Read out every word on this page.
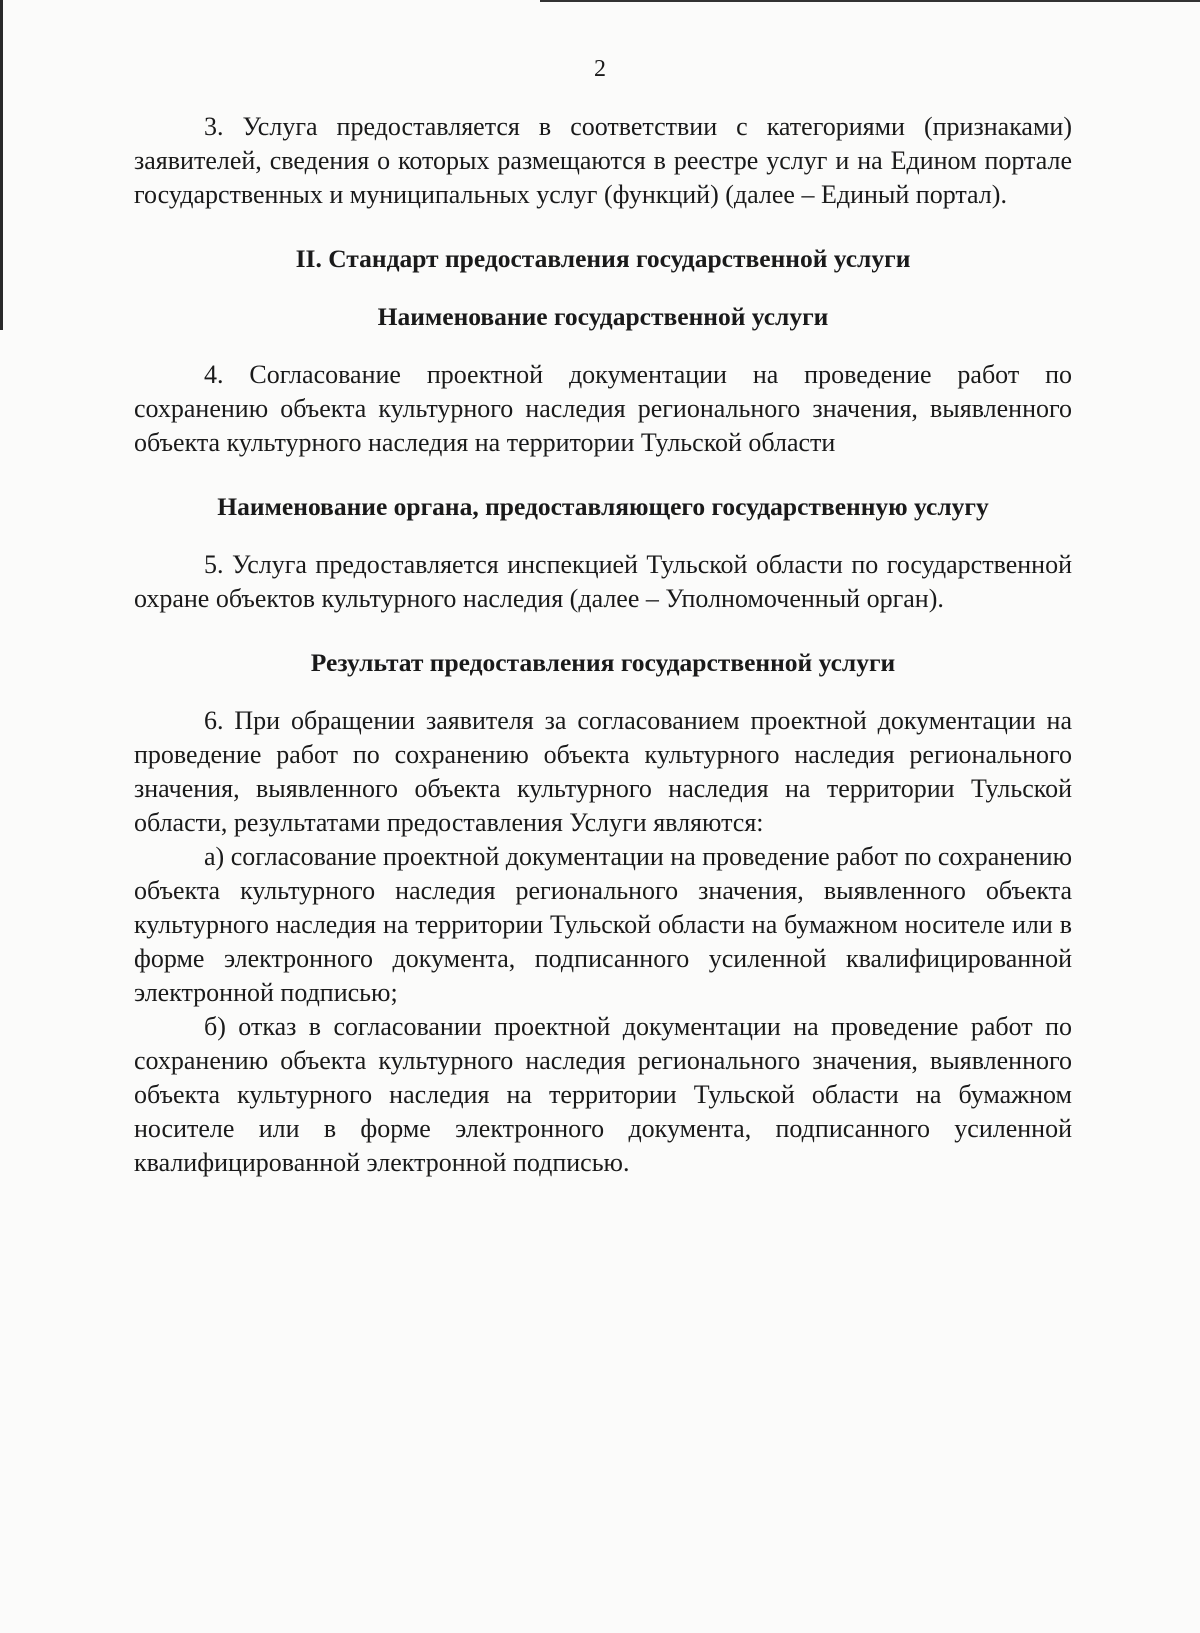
2

3. Услуга предоставляется в соответствии с категориями (признаками) заявителей, сведения о которых размещаются в реестре услуг и на Едином портале государственных и муниципальных услуг (функций) (далее – Единый портал).

II. Стандарт предоставления государственной услуги

Наименование государственной услуги

4. Согласование проектной документации на проведение работ по сохранению объекта культурного наследия регионального значения, выявленного объекта культурного наследия на территории Тульской области

Наименование органа, предоставляющего государственную услугу

5. Услуга предоставляется инспекцией Тульской области по государственной охране объектов культурного наследия (далее – Уполномоченный орган).

Результат предоставления государственной услуги

6. При обращении заявителя за согласованием проектной документации на проведение работ по сохранению объекта культурного наследия регионального значения, выявленного объекта культурного наследия на территории Тульской области, результатами предоставления Услуги являются:

а) согласование проектной документации на проведение работ по сохранению объекта культурного наследия регионального значения, выявленного объекта культурного наследия на территории Тульской области на бумажном носителе или в форме электронного документа, подписанного усиленной квалифицированной электронной подписью;

б) отказ в согласовании проектной документации на проведение работ по сохранению объекта культурного наследия регионального значения, выявленного объекта культурного наследия на территории Тульской области на бумажном носителе или в форме электронного документа, подписанного усиленной квалифицированной электронной подписью.
